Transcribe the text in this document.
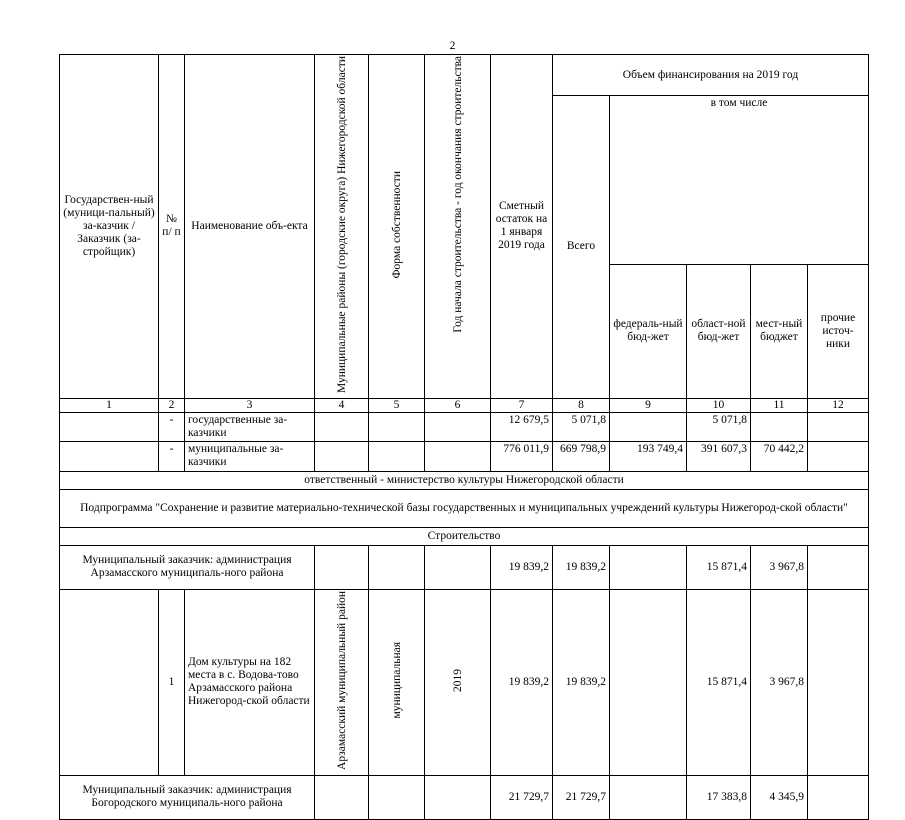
2
Государствен-ный (муници-пальный) за-казчик / Заказчик (за-стройщик)	№ п/ п	Наименование объ-екта	Муниципальные районы (городские округа) Нижегородской области	Форма собственности	Год начала строительства - год окончания строительства	Сметный остаток на 1 января 2019 года	Объем финансирования на 2019 год				
							Всего	в том числе			
								федераль-ный бюд-жет	област-ной бюд-жет	мест-ный бюджет	прочие источ-ники
1	2	3	4	5	6	7	8	9	10	11	12
	-	государственные за-казчики				12 679,5	5 071,8		5 071,8		
	-	муниципальные за-казчики				776 011,9	669 798,9	193 749,4	391 607,3	70 442,2	
ответственный - министерство культуры Нижегородской области											
Подпрограмма "Сохранение и развитие материально-технической базы государственных и муниципальных учреждений культуры Нижегород-ской области"											
Строительство											
Муниципальный заказчик: администрация Арзамасского муниципаль-ного района						19 839,2	19 839,2		15 871,4	3 967,8	
	1	Дом культуры на 182 места в с. Водова-тово Арзамасского района Нижегород-ской области	Арзамасский муниципальный район	муниципальная	2019	19 839,2	19 839,2		15 871,4	3 967,8	
Муниципальный заказчик: администрация Богородского муниципаль-ного района						21 729,7	21 729,7		17 383,8	4 345,9	
